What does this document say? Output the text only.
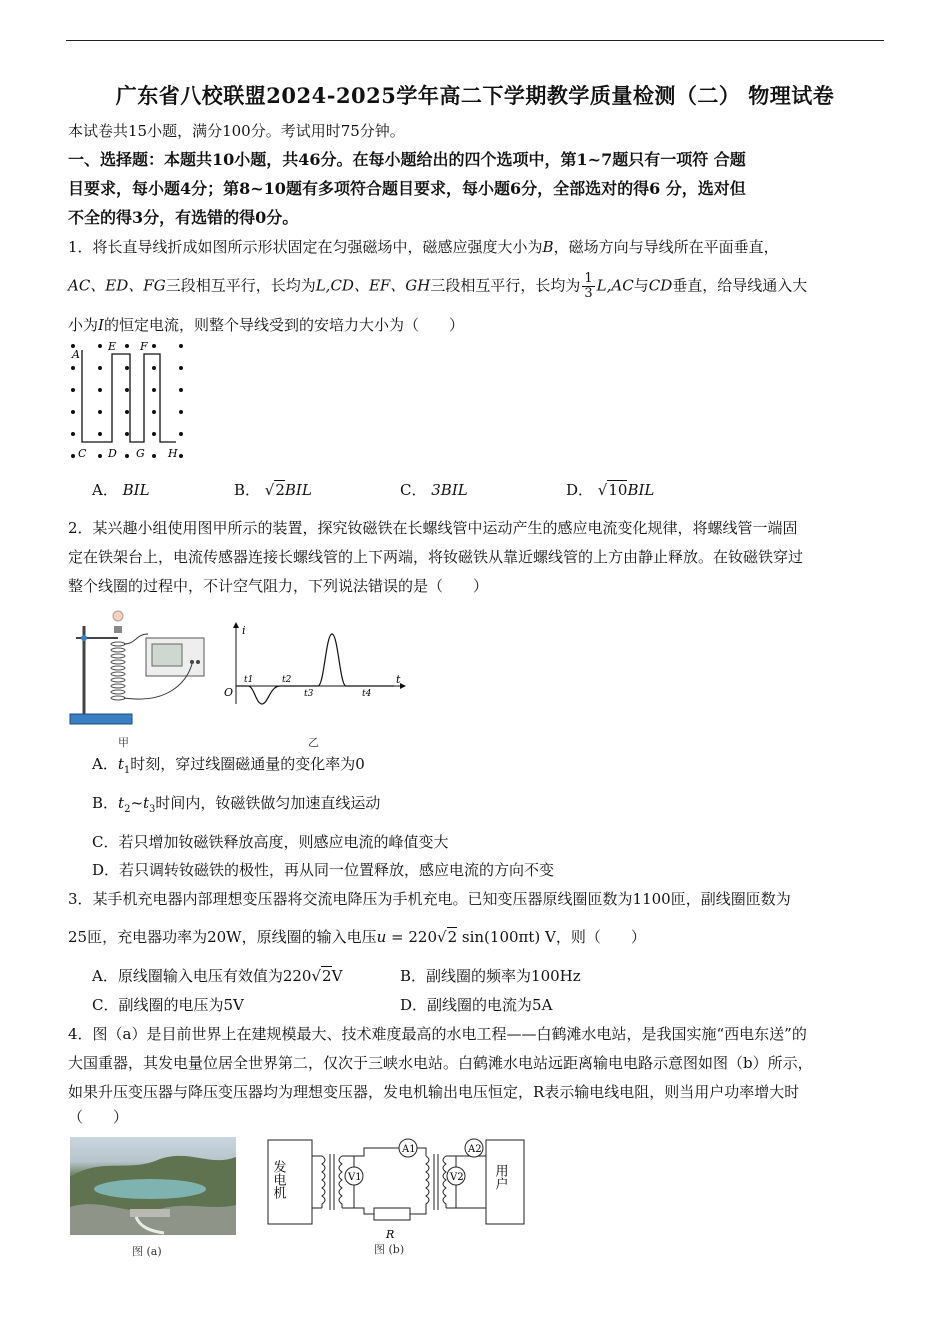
广东省八校联盟2024-2025学年高二下学期教学质量检测（二） 物理试卷
本试卷共15小题，满分100分。考试用时75分钟。
一、选择题：本题共10小题，共46分。在每小题给出的四个选项中，第1~7题只有一项符 合题
目要求，每小题4分；第8~10题有多项符合题目要求，每小题6分，全部选对的得6 分，选对但
不全的得3分，有选错的得0分。
1．将长直导线折成如图所示形状固定在匀强磁场中，磁感应强度大小为B，磁场方向与导线所在平面垂直，
AC、ED、FG三段相互平行，长均为L,CD、EF、GH三段相互平行，长均为 $\frac{1}{3} L,AC$与CD垂直，给导线通入大
小为I的恒定电流，则整个导线受到的安培力大小为（　　）
A
E F
C D G H
A． BIL	B． √2BIL	C． 3BIL	D． √10BIL
2．某兴趣小组使用图甲所示的装置，探究钕磁铁在长螺线管中运动产生的感应电流变化规律，将螺线管一端固
定在铁架台上，电流传感器连接长螺线管的上下两端，将钕磁铁从靠近螺线管的上方由静止释放。在钕磁铁穿过
整个线圈的过程中，不计空气阻力，下列说法错误的是（　　）
甲
i
t
O
t1	t2
t3	t4
乙
A．$t_1$时刻，穿过线圈磁通量的变化率为0
B．$t_2\sim t_3$时间内，钕磁铁做匀加速直线运动
C．若只增加钕磁铁释放高度，则感应电流的峰值变大
D．若只调转钕磁铁的极性，再从同一位置释放，感应电流的方向不变
3．某手机充电器内部理想变压器将交流电降压为手机充电。已知变压器原线圈匝数为1100匝，副线圈匝数为
25匝，充电器功率为20W，原线圈的输入电压u = 220√2 sin(100πt) V，则（　　）
A．原线圈输入电压有效值为220√2V	B．副线圈的频率为100Hz
C．副线圈的电压为5V	D．副线圈的电流为5A
4．图（a）是目前世界上在建规模最大、技术难度最高的水电工程——白鹤滩水电站，是我国实施“西电东送”的
大国重器，其发电量位居全世界第二，仅次于三峡水电站。白鹤滩水电站远距离输电电路示意图如图（b）所示，
如果升压变压器与降压变压器均为理想变压器，发电机输出电压恒定，R表示输电线电阻，则当用户功率增大时
（　　）
图 (a)
发电机	用户
R
A1
V1
A2
V2
图 (b)
